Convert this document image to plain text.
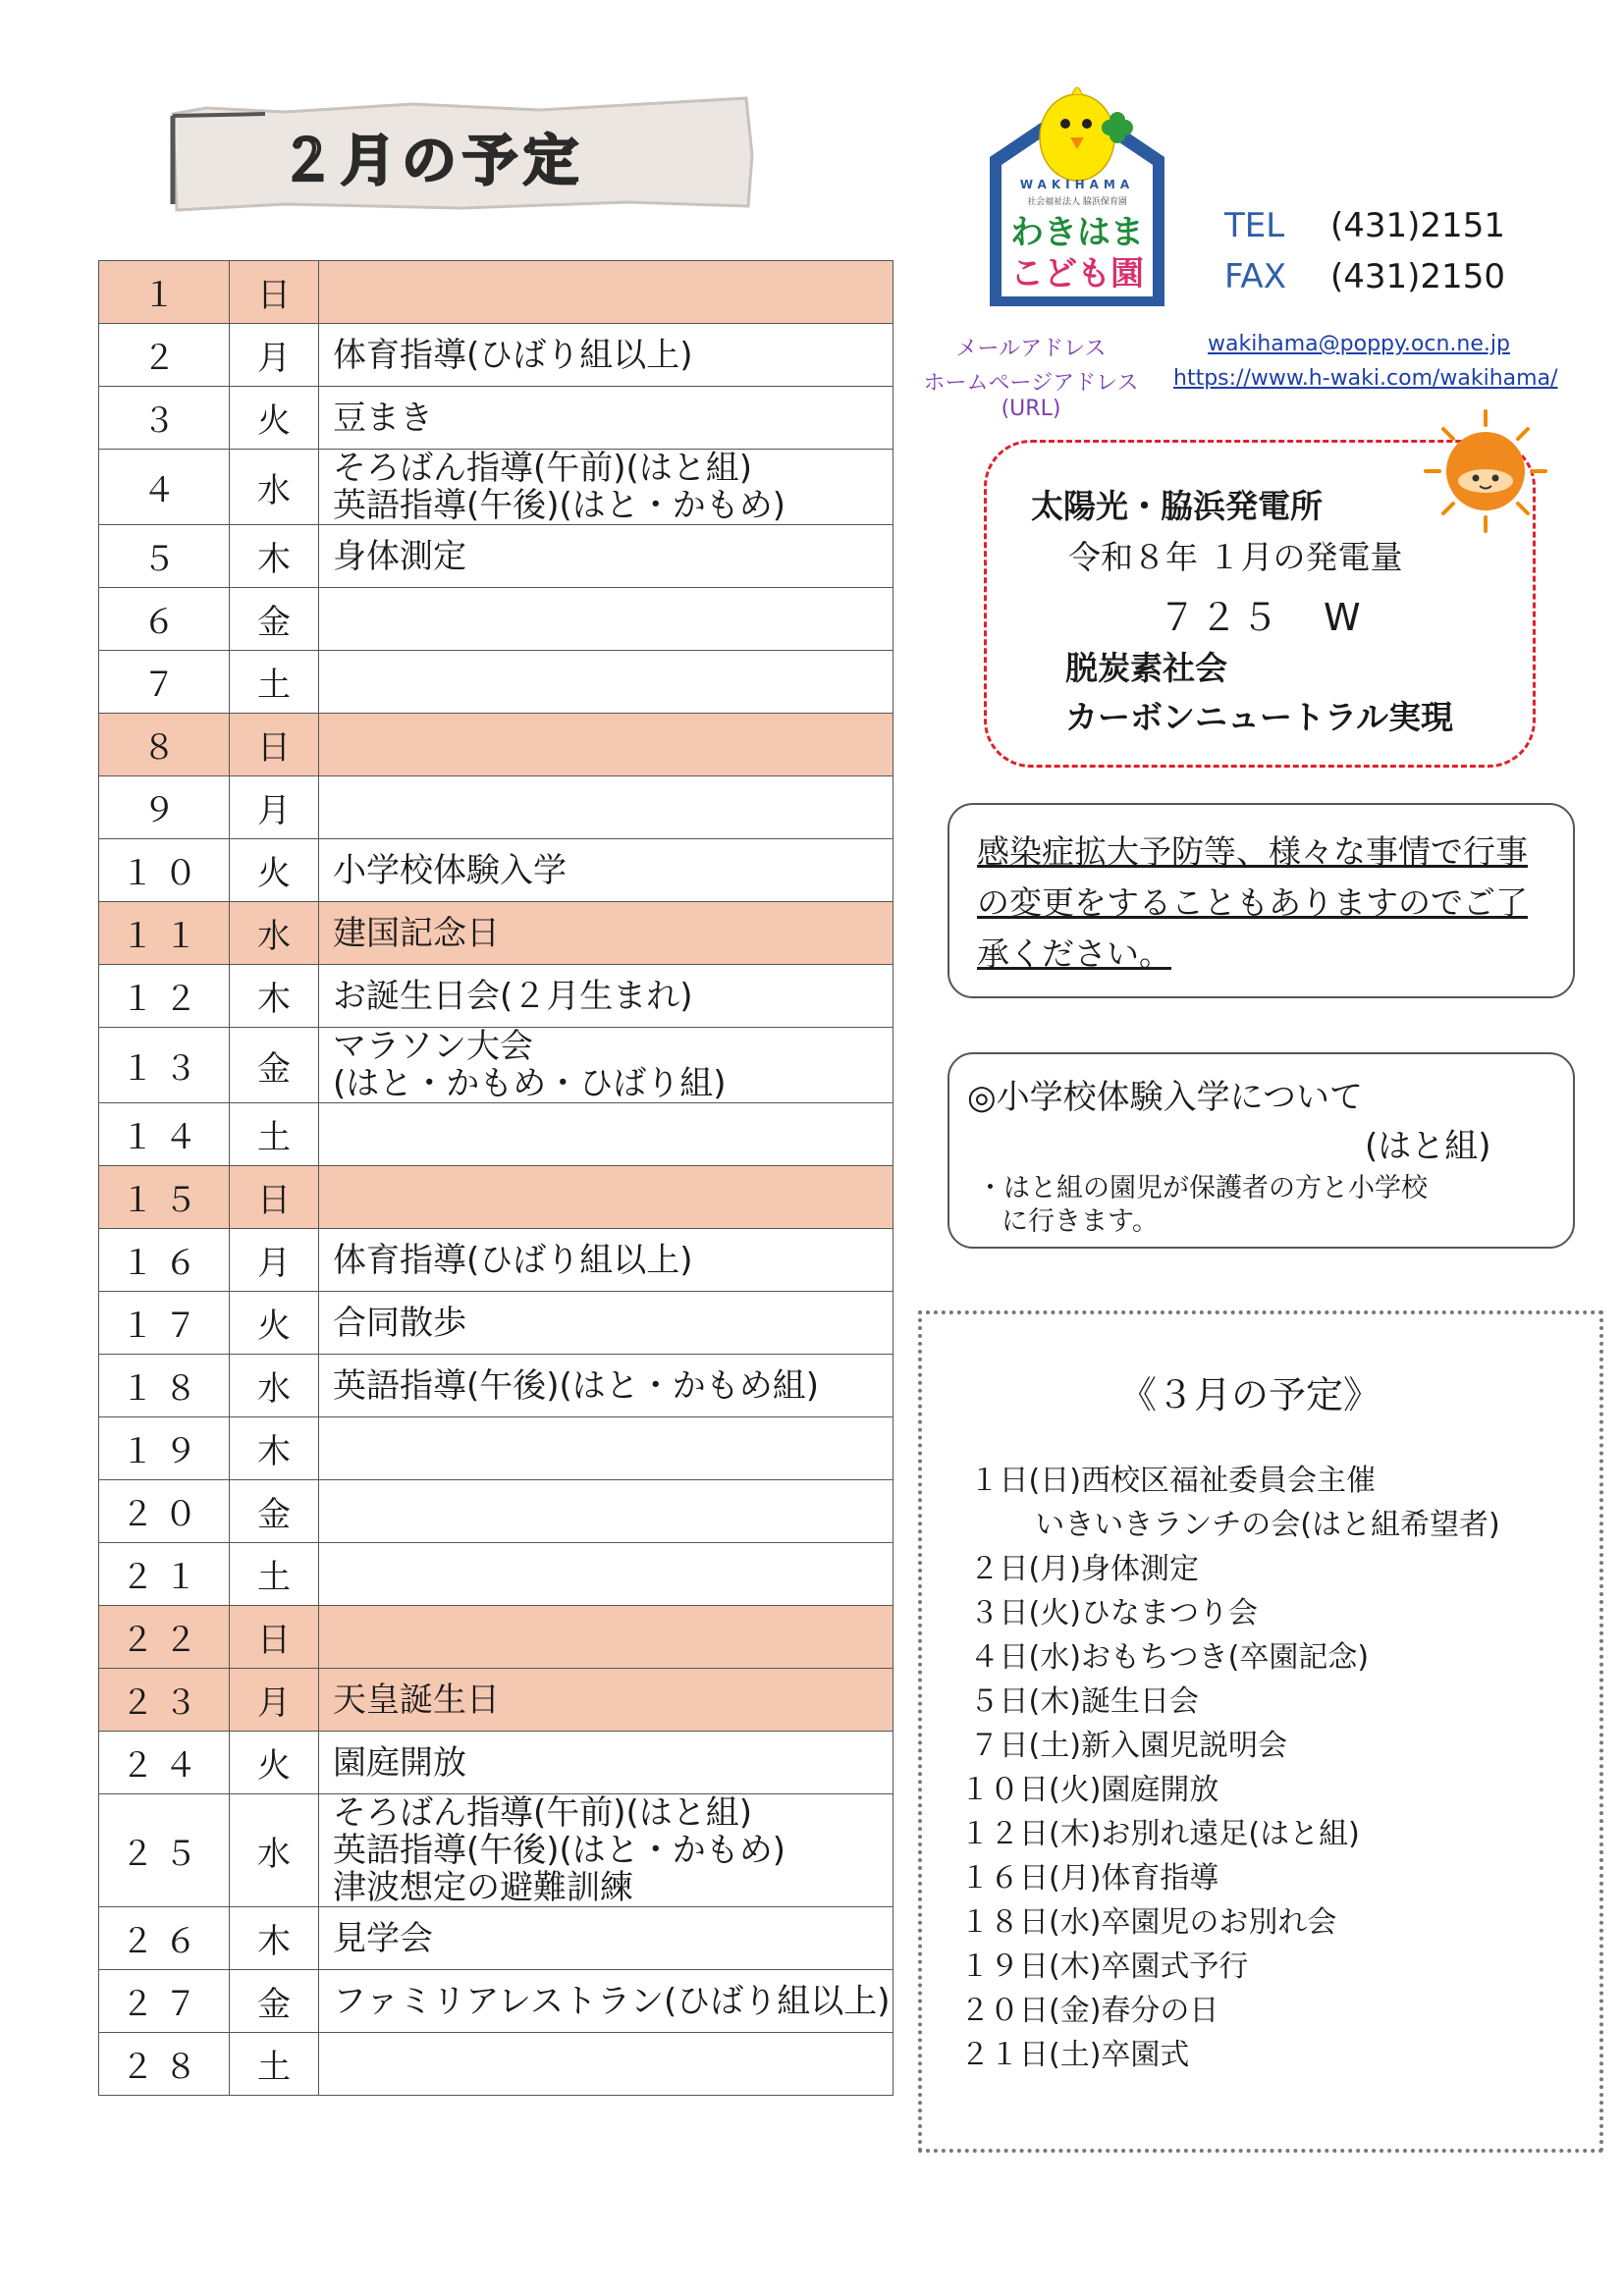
２月の予定
１	日	
２	月	体育指導(ひばり組以上)
３	火	豆まき
４	水	そろばん指導(午前)(はと組)
英語指導(午後)(はと・かもめ)
５	木	身体測定
６	金	
７	土	
８	日	
９	月	
１０	火	小学校体験入学
１１	水	建国記念日
１２	木	お誕生日会(２月生まれ)
１３	金	マラソン大会
(はと・かもめ・ひばり組)
１４	土	
１５	日	
１６	月	体育指導(ひばり組以上)
１７	火	合同散歩
１８	水	英語指導(午後)(はと・かもめ組)
１９	木	
２０	金	
２１	土	
２２	日	
２３	月	天皇誕生日
２４	火	園庭開放
２５	水	そろばん指導(午前)(はと組)
英語指導(午後)(はと・かもめ)
津波想定の避難訓練
２６	木	見学会
２７	金	ファミリアレストラン(ひばり組以上)
２８	土	
WAKIHAMA
社会福祉法人 脇浜保育園
わきはま
こども園
TEL (431)2151
FAX (431)2150
メールアドレス
ホームページアドレス
(URL)
wakihama@poppy.ocn.ne.jp
https://www.h-waki.com/wakihama/
太陽光・脇浜発電所
令和８年 １月の発電量
７２５　W
脱炭素社会
カーボンニュートラル実現
感染症拡大予防等、様々な事情で行事
の変更をすることもありますのでご了
承ください。
◎小学校体験入学について
(はと組)
・はと組の園児が保護者の方と小学校
に行きます。
《３月の予定》
１日(日)西校区福祉委員会主催
いきいきランチの会(はと組希望者)
２日(月)身体測定
３日(火)ひなまつり会
４日(水)おもちつき(卒園記念)
５日(木)誕生日会
７日(土)新入園児説明会
１０日(火)園庭開放
１２日(木)お別れ遠足(はと組)
１６日(月)体育指導
１８日(水)卒園児のお別れ会
１９日(木)卒園式予行
２０日(金)春分の日
２１日(土)卒園式
